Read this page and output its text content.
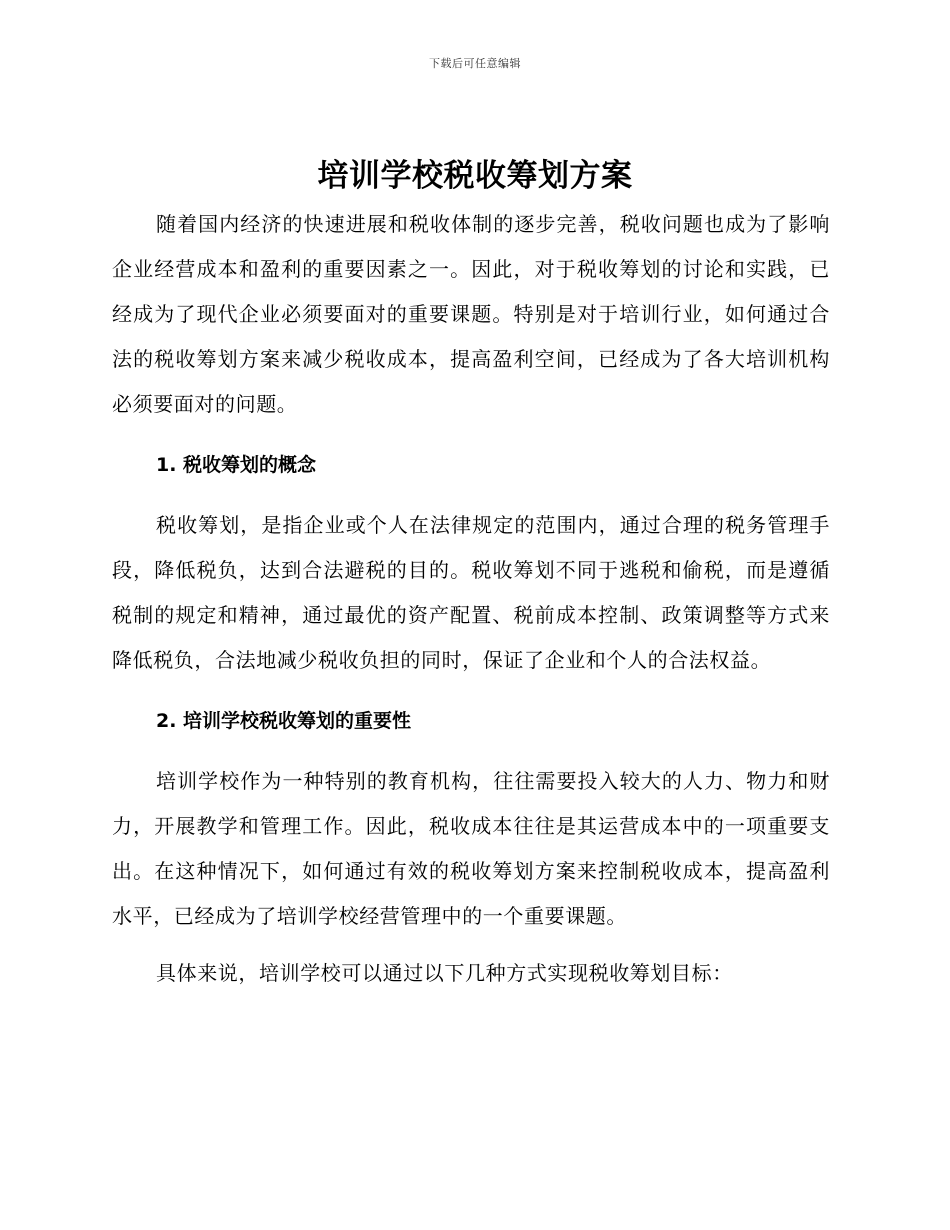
下载后可任意编辑
培训学校税收筹划方案

随着国内经济的快速进展和税收体制的逐步完善，税收问题也成为了影响企业经营成本和盈利的重要因素之一。因此，对于税收筹划的讨论和实践，已经成为了现代企业必须要面对的重要课题。特别是对于培训行业，如何通过合法的税收筹划方案来减少税收成本，提高盈利空间，已经成为了各大培训机构必须要面对的问题。

1. 税收筹划的概念

税收筹划，是指企业或个人在法律规定的范围内，通过合理的税务管理手段，降低税负，达到合法避税的目的。税收筹划不同于逃税和偷税，而是遵循税制的规定和精神，通过最优的资产配置、税前成本控制、政策调整等方式来降低税负，合法地减少税收负担的同时，保证了企业和个人的合法权益。

2. 培训学校税收筹划的重要性

培训学校作为一种特别的教育机构，往往需要投入较大的人力、物力和财力，开展教学和管理工作。因此，税收成本往往是其运营成本中的一项重要支出。在这种情况下，如何通过有效的税收筹划方案来控制税收成本，提高盈利水平，已经成为了培训学校经营管理中的一个重要课题。

具体来说，培训学校可以通过以下几种方式实现税收筹划目标：
